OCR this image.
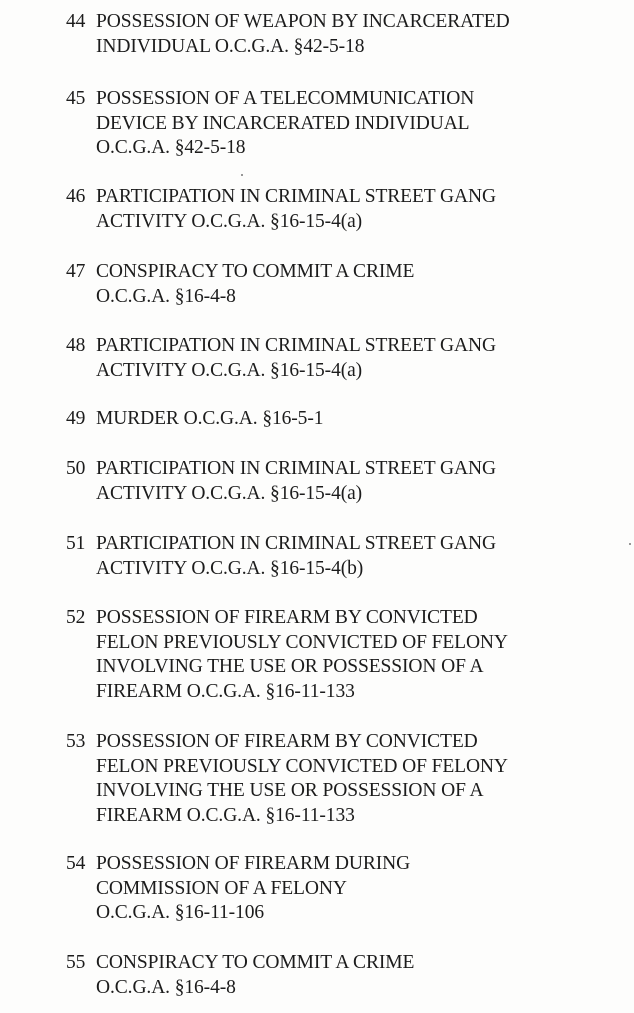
44 POSSESSION OF WEAPON BY INCARCERATED
INDIVIDUAL O.C.G.A. §42-5-18
45 POSSESSION OF A TELECOMMUNICATION
DEVICE BY INCARCERATED INDIVIDUAL
O.C.G.A. §42-5-18
46 PARTICIPATION IN CRIMINAL STREET GANG
ACTIVITY O.C.G.A. §16-15-4(a)
47 CONSPIRACY TO COMMIT A CRIME
O.C.G.A. §16-4-8
48 PARTICIPATION IN CRIMINAL STREET GANG
ACTIVITY O.C.G.A. §16-15-4(a)
49 MURDER O.C.G.A. §16-5-1
50 PARTICIPATION IN CRIMINAL STREET GANG
ACTIVITY O.C.G.A. §16-15-4(a)
51 PARTICIPATION IN CRIMINAL STREET GANG
ACTIVITY O.C.G.A. §16-15-4(b)
52 POSSESSION OF FIREARM BY CONVICTED
FELON PREVIOUSLY CONVICTED OF FELONY
INVOLVING THE USE OR POSSESSION OF A
FIREARM O.C.G.A. §16-11-133
53 POSSESSION OF FIREARM BY CONVICTED
FELON PREVIOUSLY CONVICTED OF FELONY
INVOLVING THE USE OR POSSESSION OF A
FIREARM O.C.G.A. §16-11-133
54 POSSESSION OF FIREARM DURING
COMMISSION OF A FELONY
O.C.G.A. §16-11-106
55 CONSPIRACY TO COMMIT A CRIME
O.C.G.A. §16-4-8
